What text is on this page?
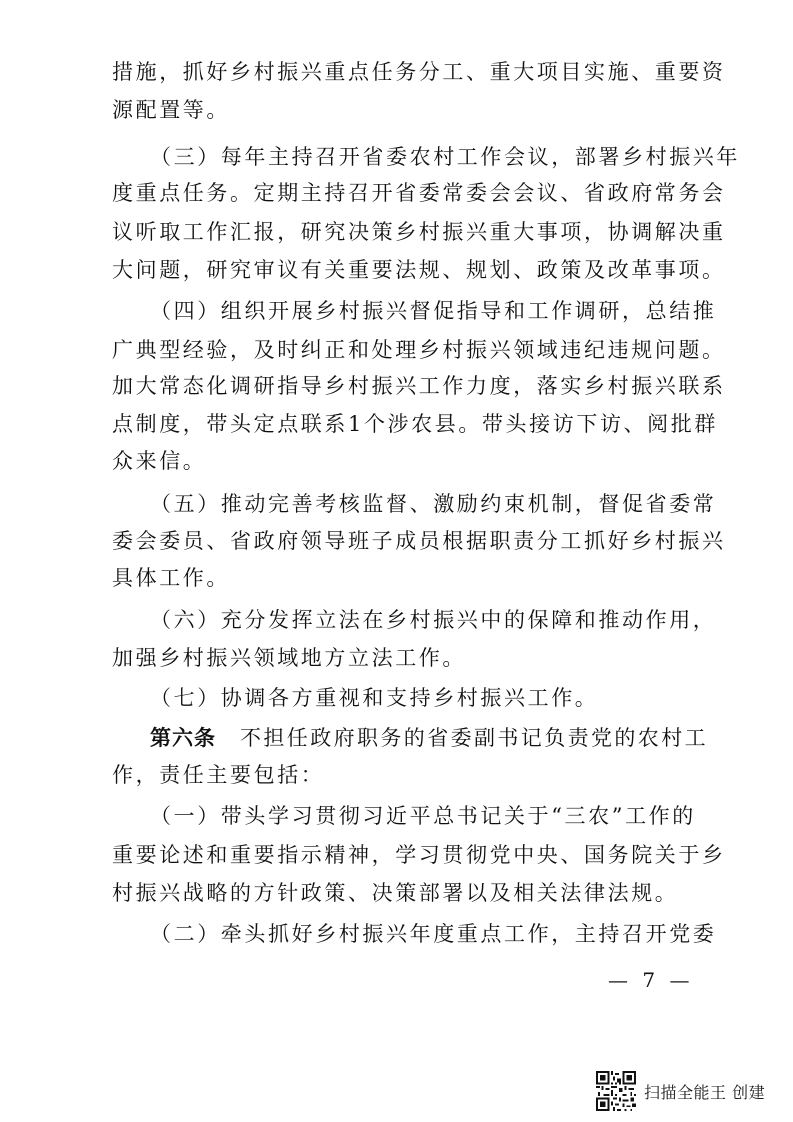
措施，抓好乡村振兴重点任务分工、重大项目实施、重要资
源配置等。
（三）每年主持召开省委农村工作会议，部署乡村振兴年
度重点任务。定期主持召开省委常委会会议、省政府常务会
议听取工作汇报，研究决策乡村振兴重大事项，协调解决重
大问题，研究审议有关重要法规、规划、政策及改革事项。
（四）组织开展乡村振兴督促指导和工作调研，总结推
广典型经验，及时纠正和处理乡村振兴领域违纪违规问题。
加大常态化调研指导乡村振兴工作力度，落实乡村振兴联系
点制度，带头定点联系1个涉农县。带头接访下访、阅批群
众来信。
（五）推动完善考核监督、激励约束机制，督促省委常
委会委员、省政府领导班子成员根据职责分工抓好乡村振兴
具体工作。
（六）充分发挥立法在乡村振兴中的保障和推动作用，
加强乡村振兴领域地方立法工作。
（七）协调各方重视和支持乡村振兴工作。
第六条 不担任政府职务的省委副书记负责党的农村工
作，责任主要包括：
（一）带头学习贯彻习近平总书记关于“三农”工作的
重要论述和重要指示精神，学习贯彻党中央、国务院关于乡
村振兴战略的方针政策、决策部署以及相关法律法规。
（二）牵头抓好乡村振兴年度重点工作，主持召开党委
— 7 —
扫描全能王 创建
